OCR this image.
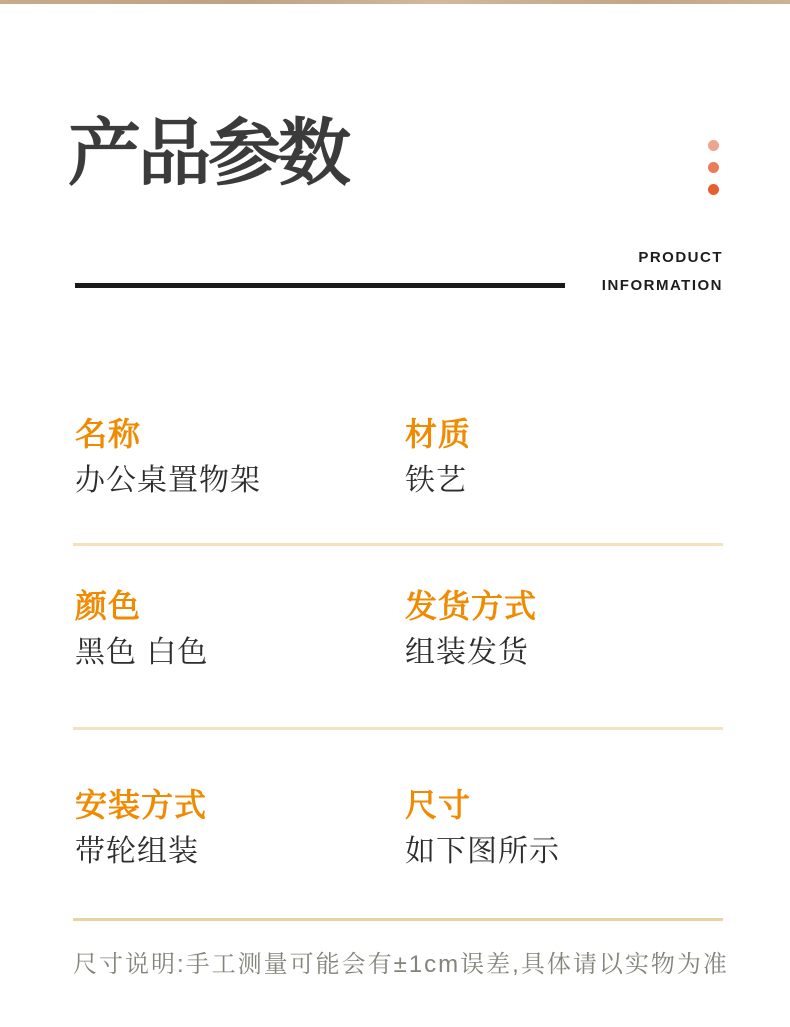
产品参数
PRODUCT
INFORMATION
名称
办公桌置物架
材质
铁艺
颜色
黑色 白色
发货方式
组装发货
安装方式
带轮组装
尺寸
如下图所示

尺寸说明:手工测量可能会有±1cm误差,具体请以实物为准
